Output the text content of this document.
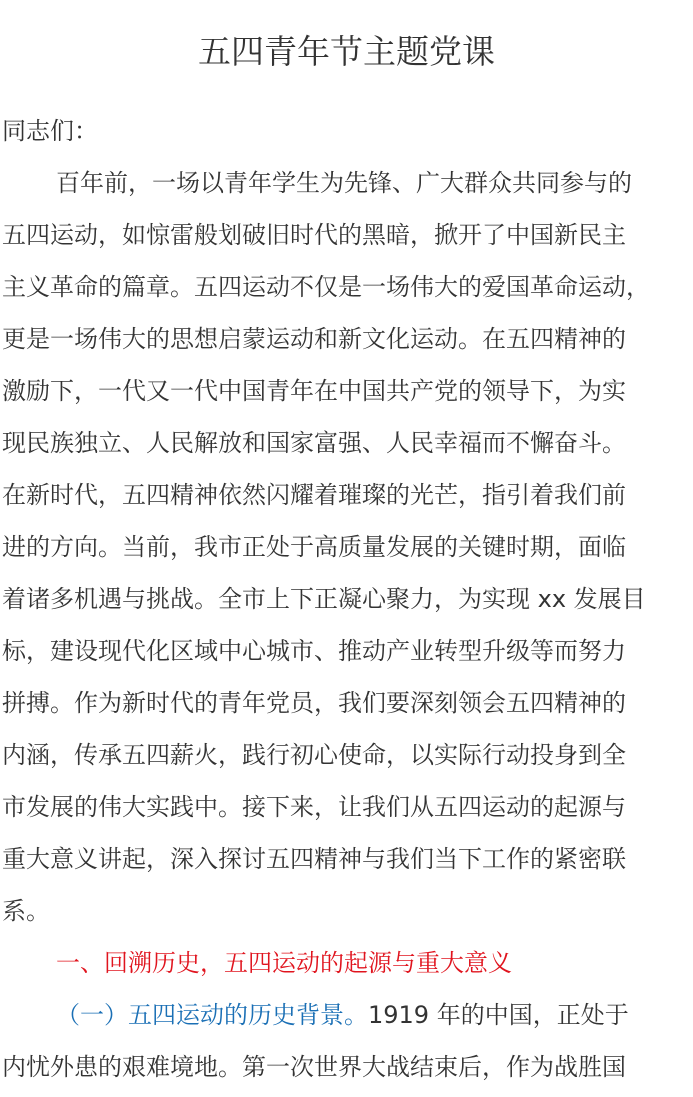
五四青年节主题党课
同志们：
百年前，一场以青年学生为先锋、广大群众共同参与的
五四运动，如惊雷般划破旧时代的黑暗，掀开了中国新民主
主义革命的篇章。五四运动不仅是一场伟大的爱国革命运动，
更是一场伟大的思想启蒙运动和新文化运动。在五四精神的
激励下，一代又一代中国青年在中国共产党的领导下，为实
现民族独立、人民解放和国家富强、人民幸福而不懈奋斗。
在新时代，五四精神依然闪耀着璀璨的光芒，指引着我们前
进的方向。当前，我市正处于高质量发展的关键时期，面临
着诸多机遇与挑战。全市上下正凝心聚力，为实现 xx 发展目
标，建设现代化区域中心城市、推动产业转型升级等而努力
拼搏。作为新时代的青年党员，我们要深刻领会五四精神的
内涵，传承五四薪火，践行初心使命，以实际行动投身到全
市发展的伟大实践中。接下来，让我们从五四运动的起源与
重大意义讲起，深入探讨五四精神与我们当下工作的紧密联
系。
一、回溯历史，五四运动的起源与重大意义
（一）五四运动的历史背景。1919 年的中国，正处于
内忧外患的艰难境地。第一次世界大战结束后，作为战胜国
